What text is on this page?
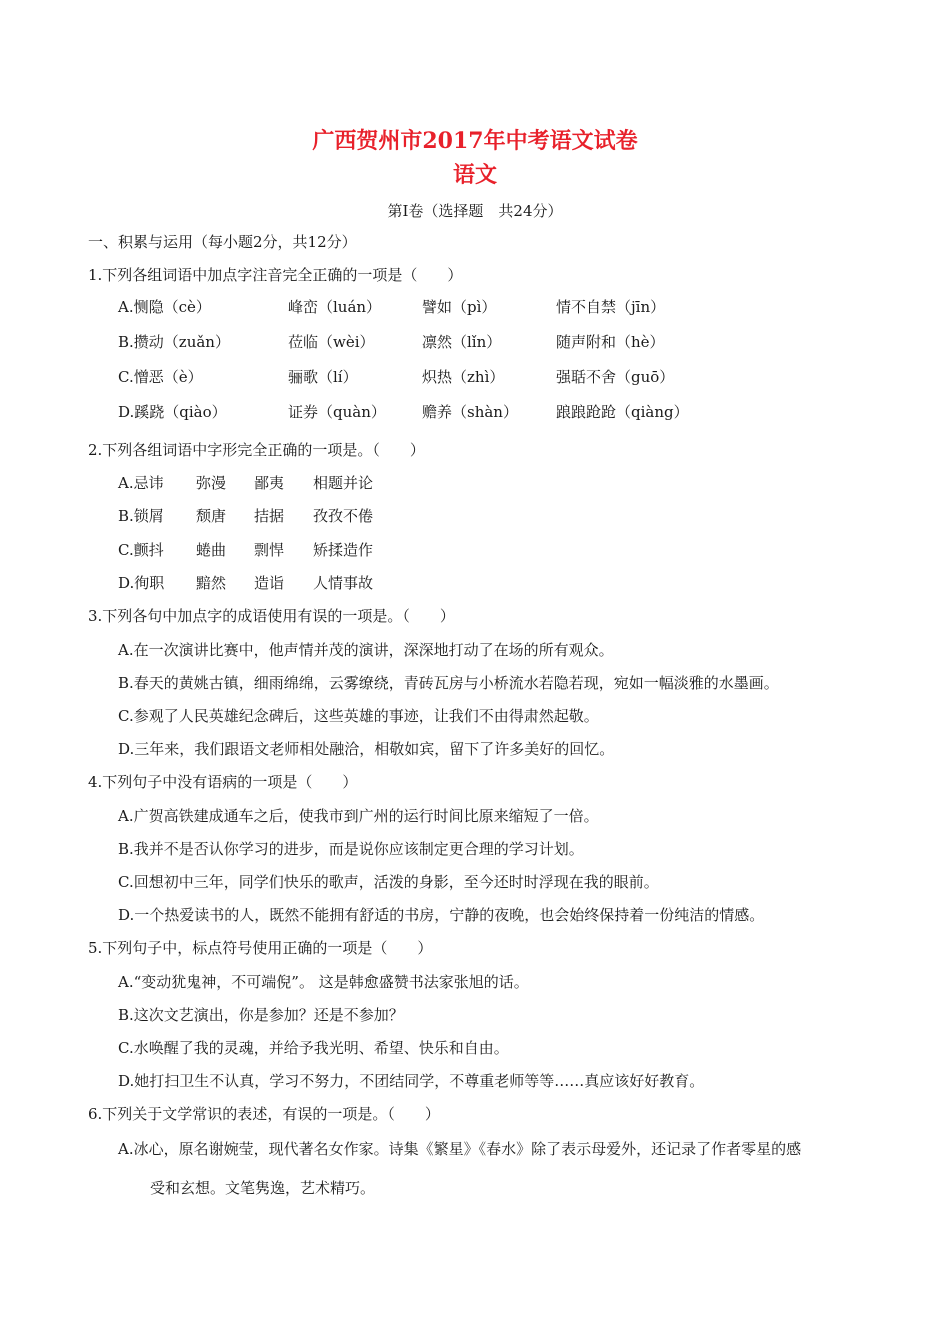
广西贺州市2017年中考语文试卷
语文
第Ⅰ卷（选择题　共24分）
一、积累与运用（每小题2分，共12分）
1.下列各组词语中加点字注音完全正确的一项是（　　）
A.恻隐（cè）	峰峦（luán）	譬如（pì）	情不自禁（jīn）
B.攒动（zuǎn）	莅临（wèi）	凛然（lǐn）	随声附和（hè）
C.憎恶（è）	骊歌（lí）	炽热（zhì）	强聒不舍（guō）
D.蹊跷（qiào）	证券（quàn） 赡养（shàn）	踉踉跄跄（qiàng）
2.下列各组词语中字形完全正确的一项是。（　　）
A.忌讳 弥漫 鄙夷 相题并论
B.锁屑 颓唐 拮据 孜孜不倦
C.颤抖 蜷曲 剽悍 矫揉造作
D.徇职 黯然 造诣 人情事故
3.下列各句中加点字的成语使用有误的一项是。（　　）
A.在一次演讲比赛中，他声情并茂的演讲，深深地打动了在场的所有观众。
B.春天的黄姚古镇，细雨绵绵，云雾缭绕，青砖瓦房与小桥流水若隐若现，宛如一幅淡雅的水墨画。
C.参观了人民英雄纪念碑后，这些英雄的事迹，让我们不由得肃然起敬。
D.三年来，我们跟语文老师相处融洽，相敬如宾，留下了许多美好的回忆。
4.下列句子中没有语病的一项是（　　）
A.广贺高铁建成通车之后，使我市到广州的运行时间比原来缩短了一倍。
B.我并不是否认你学习的进步，而是说你应该制定更合理的学习计划。
C.回想初中三年，同学们快乐的歌声，活泼的身影，至今还时时浮现在我的眼前。
D.一个热爱读书的人，既然不能拥有舒适的书房，宁静的夜晚，也会始终保持着一份纯洁的情感。
5.下列句子中，标点符号使用正确的一项是（　　）
A.“变动犹鬼神，不可端倪”。 这是韩愈盛赞书法家张旭的话。
B.这次文艺演出，你是参加？还是不参加？
C.水唤醒了我的灵魂，并给予我光明、希望、快乐和自由。
D.她打扫卫生不认真，学习不努力，不团结同学，不尊重老师等等……真应该好好教育。
6.下列关于文学常识的表述，有误的一项是。（　　）
A.冰心，原名谢婉莹，现代著名女作家。诗集《繁星》《春水》除了表示母爱外，还记录了作者零星的感
受和玄想。文笔隽逸，艺术精巧。
